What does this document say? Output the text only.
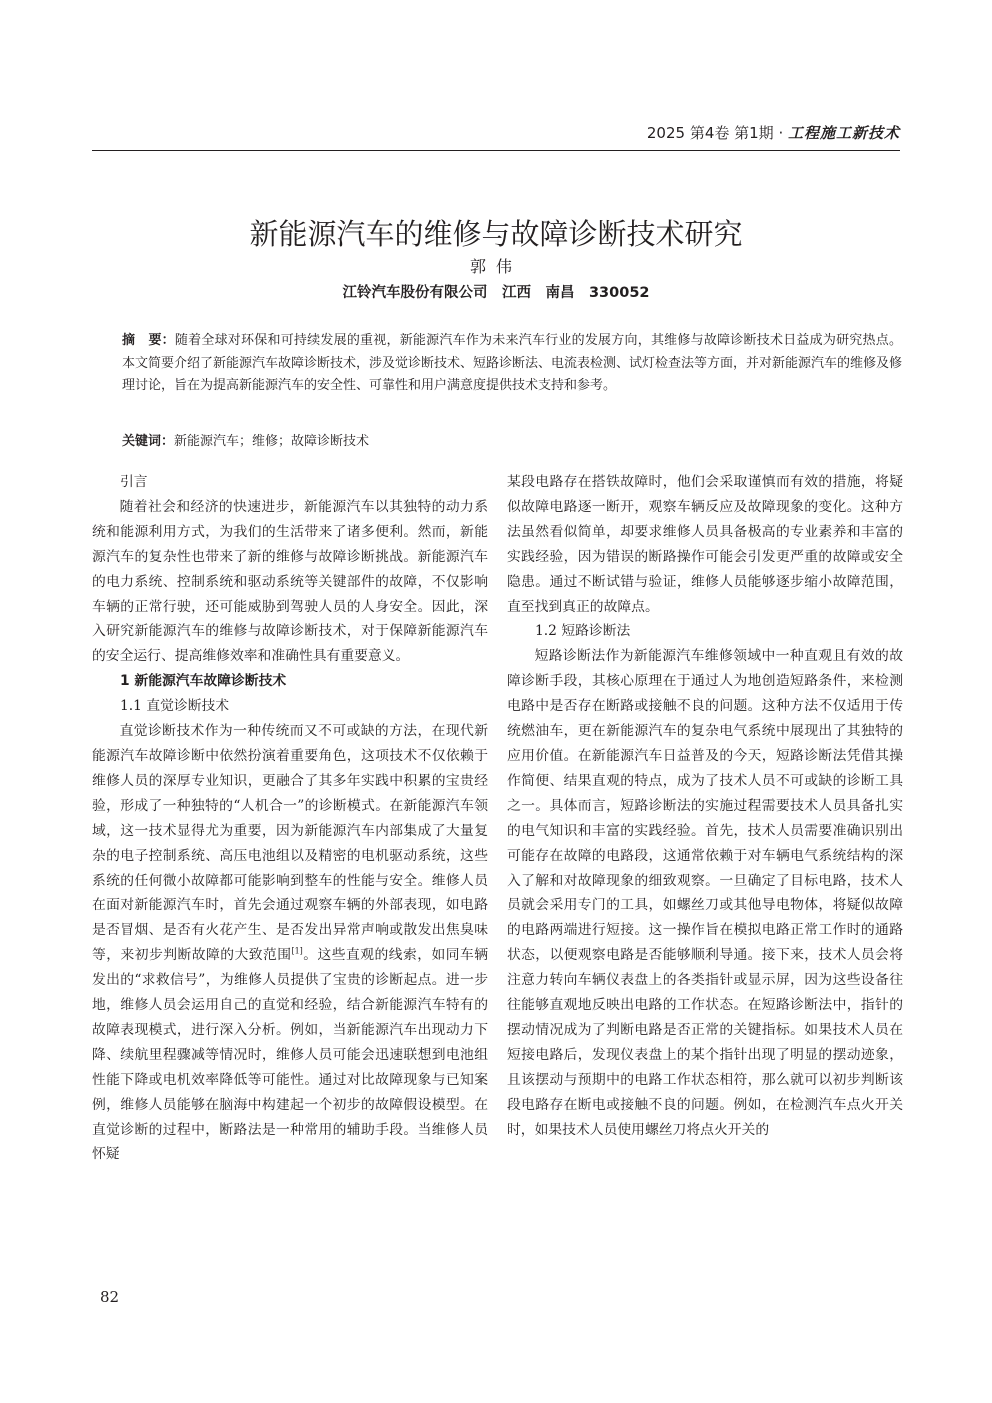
2025 第4卷 第1期 · 工程施工新技术
新能源汽车的维修与故障诊断技术研究
郭伟
江铃汽车股份有限公司　江西　南昌　330052
摘　要：随着全球对环保和可持续发展的重视，新能源汽车作为未来汽车行业的发展方向，其维修与故障诊断技术日益成为研究热点。本文简要介绍了新能源汽车故障诊断技术，涉及觉诊断技术、短路诊断法、电流表检测、试灯检查法等方面，并对新能源汽车的维修及修理讨论，旨在为提高新能源汽车的安全性、可靠性和用户满意度提供技术支持和参考。
关键词：新能源汽车；维修；故障诊断技术
引言

随着社会和经济的快速进步，新能源汽车以其独特的动力系统和能源利用方式，为我们的生活带来了诸多便利。然而，新能源汽车的复杂性也带来了新的维修与故障诊断挑战。新能源汽车的电力系统、控制系统和驱动系统等关键部件的故障，不仅影响车辆的正常行驶，还可能威胁到驾驶人员的人身安全。因此，深入研究新能源汽车的维修与故障诊断技术，对于保障新能源汽车的安全运行、提高维修效率和准确性具有重要意义。

1 新能源汽车故障诊断技术
1.1 直觉诊断技术

直觉诊断技术作为一种传统而又不可或缺的方法，在现代新能源汽车故障诊断中依然扮演着重要角色，这项技术不仅依赖于维修人员的深厚专业知识，更融合了其多年实践中积累的宝贵经验，形成了一种独特的“人机合一”的诊断模式。在新能源汽车领域，这一技术显得尤为重要，因为新能源汽车内部集成了大量复杂的电子控制系统、高压电池组以及精密的电机驱动系统，这些系统的任何微小故障都可能影响到整车的性能与安全。维修人员在面对新能源汽车时，首先会通过观察车辆的外部表现，如电路是否冒烟、是否有火花产生、是否发出异常声响或散发出焦臭味等，来初步判断故障的大致范围[1]。这些直观的线索，如同车辆发出的“求救信号”，为维修人员提供了宝贵的诊断起点。进一步地，维修人员会运用自己的直觉和经验，结合新能源汽车特有的故障表现模式，进行深入分析。例如，当新能源汽车出现动力下降、续航里程骤减等情况时，维修人员可能会迅速联想到电池组性能下降或电机效率降低等可能性。通过对比故障现象与已知案例，维修人员能够在脑海中构建起一个初步的故障假设模型。在直觉诊断的过程中，断路法是一种常用的辅助手段。当维修人员怀疑

某段电路存在搭铁故障时，他们会采取谨慎而有效的措施，将疑似故障电路逐一断开，观察车辆反应及故障现象的变化。这种方法虽然看似简单，却要求维修人员具备极高的专业素养和丰富的实践经验，因为错误的断路操作可能会引发更严重的故障或安全隐患。通过不断试错与验证，维修人员能够逐步缩小故障范围，直至找到真正的故障点。
1.2 短路诊断法

短路诊断法作为新能源汽车维修领域中一种直观且有效的故障诊断手段，其核心原理在于通过人为地创造短路条件，来检测电路中是否存在断路或接触不良的问题。这种方法不仅适用于传统燃油车，更在新能源汽车的复杂电气系统中展现出了其独特的应用价值。在新能源汽车日益普及的今天，短路诊断法凭借其操作简便、结果直观的特点，成为了技术人员不可或缺的诊断工具之一。具体而言，短路诊断法的实施过程需要技术人员具备扎实的电气知识和丰富的实践经验。首先，技术人员需要准确识别出可能存在故障的电路段，这通常依赖于对车辆电气系统结构的深入了解和对故障现象的细致观察。一旦确定了目标电路，技术人员就会采用专门的工具，如螺丝刀或其他导电物体，将疑似故障的电路两端进行短接。这一操作旨在模拟电路正常工作时的通路状态，以便观察电路是否能够顺利导通。接下来，技术人员会将注意力转向车辆仪表盘上的各类指针或显示屏，因为这些设备往往能够直观地反映出电路的工作状态。在短路诊断法中，指针的摆动情况成为了判断电路是否正常的关键指标。如果技术人员在短接电路后，发现仪表盘上的某个指针出现了明显的摆动迹象，且该摆动与预期中的电路工作状态相符，那么就可以初步判断该段电路存在断电或接触不良的问题。例如，在检测汽车点火开关时，如果技术人员使用螺丝刀将点火开关的

82
